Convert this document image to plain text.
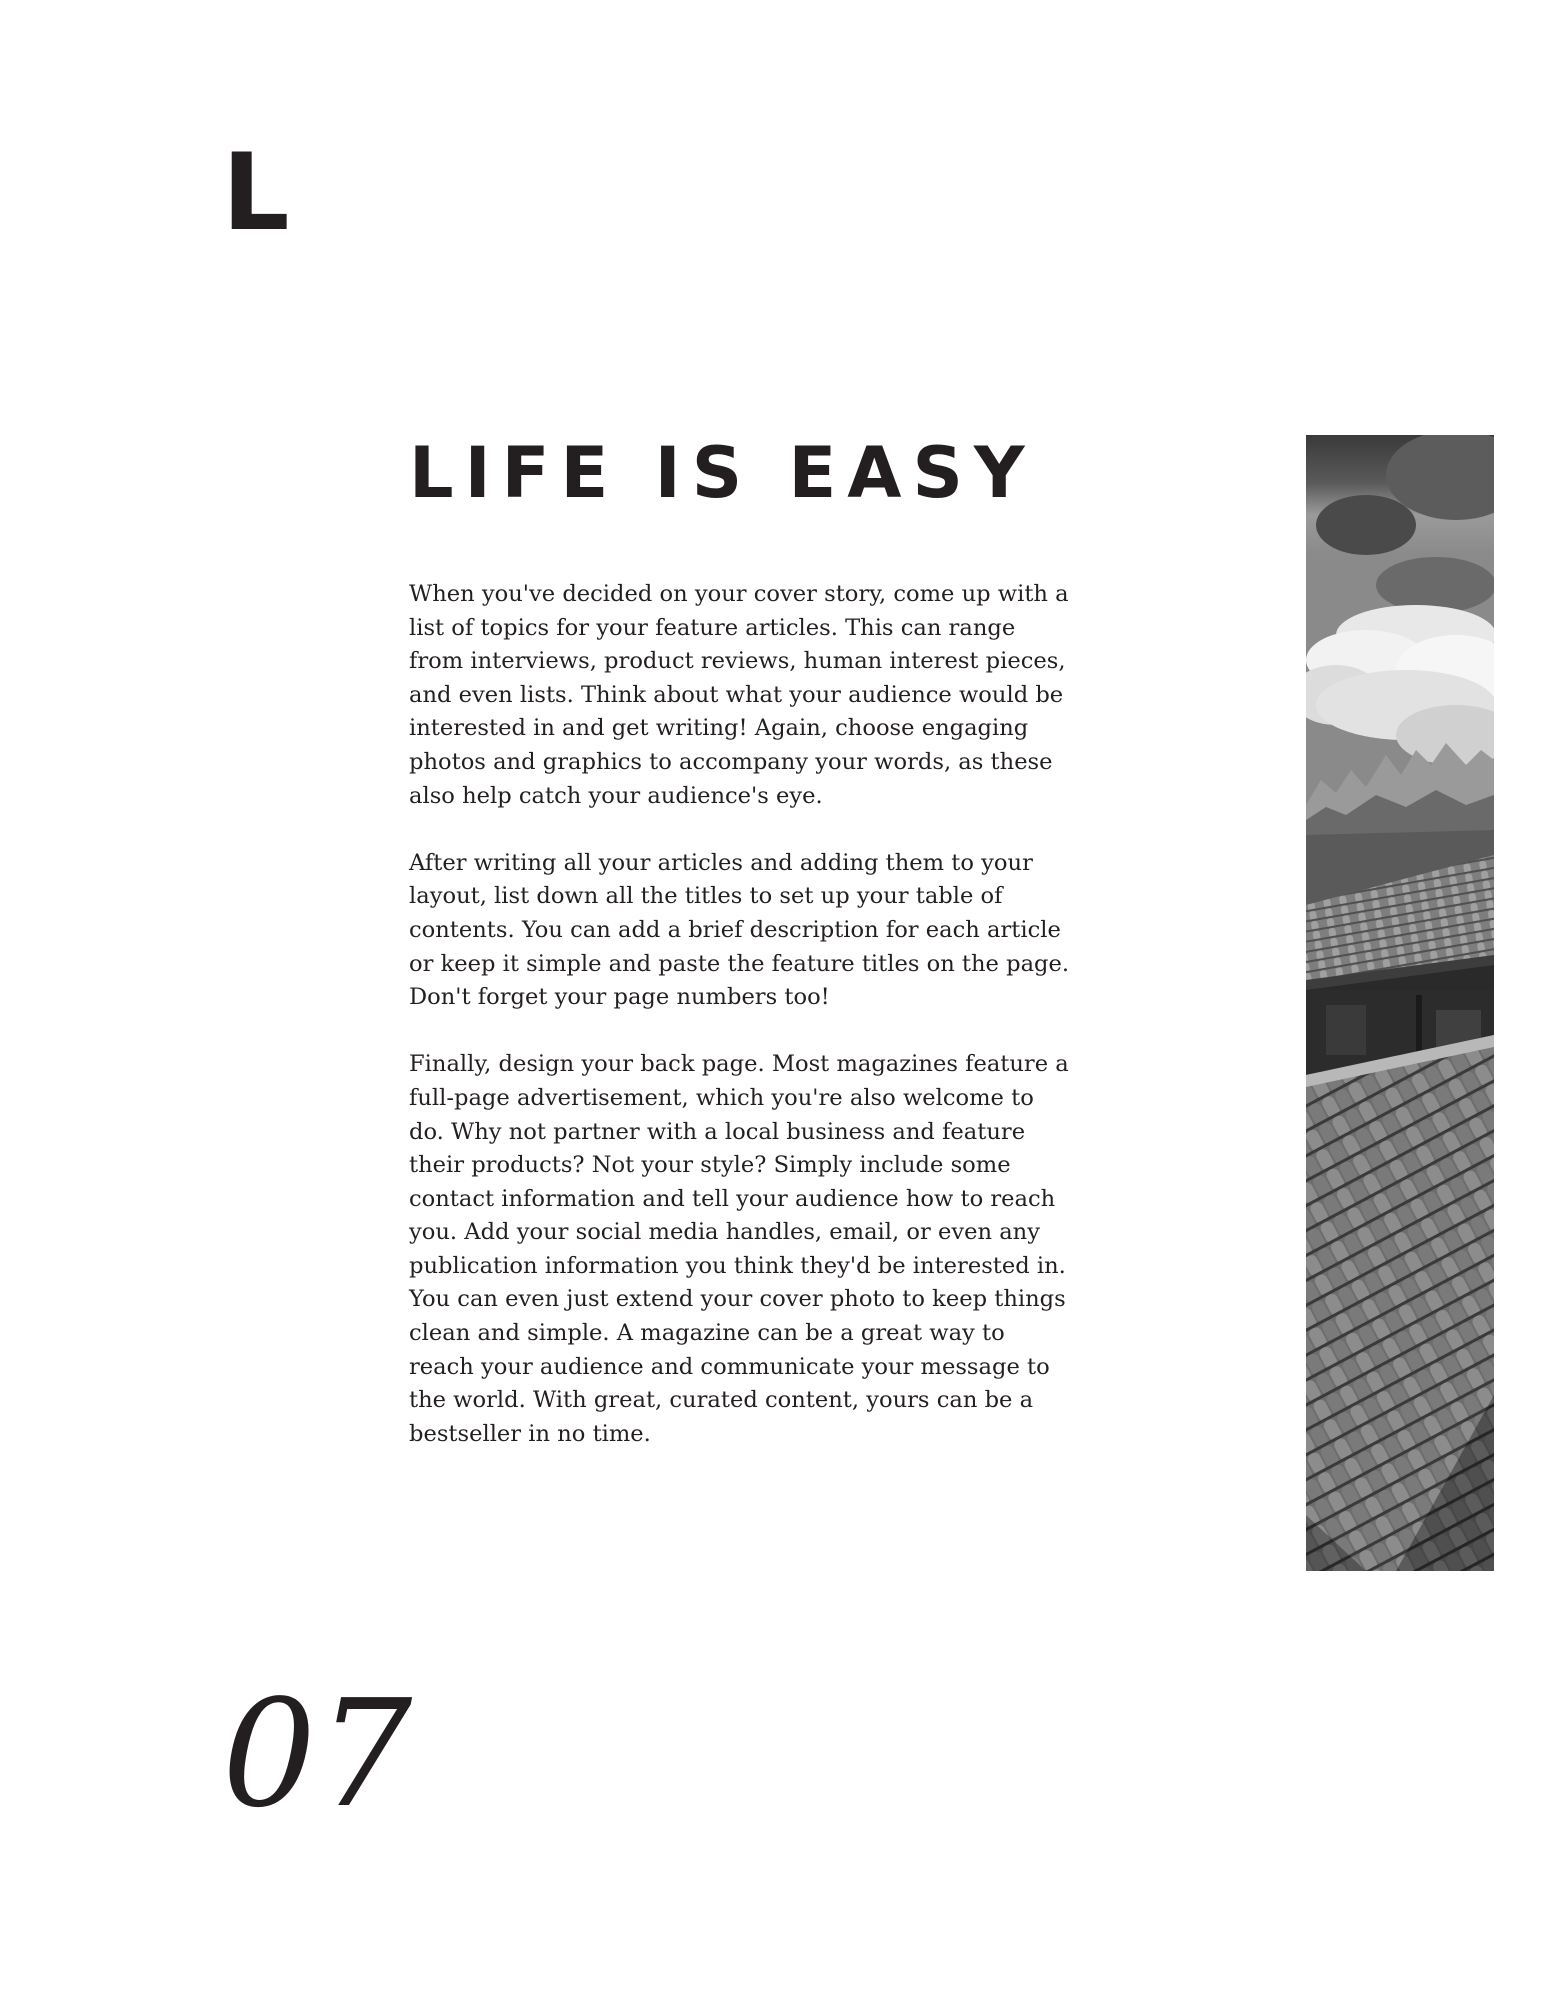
L
LIFE IS EASY

When you've decided on your cover story, come up with a list of topics for your feature articles. This can range from interviews, product reviews, human interest pieces, and even lists. Think about what your audience would be interested in and get writing! Again, choose engaging photos and graphics to accompany your words, as these also help catch your audience's eye.

After writing all your articles and adding them to your layout, list down all the titles to set up your table of contents. You can add a brief description for each article or keep it simple and paste the feature titles on the page. Don't forget your page numbers too!

Finally, design your back page. Most magazines feature a full-page advertisement, which you're also welcome to do. Why not partner with a local business and feature their products? Not your style? Simply include some contact information and tell your audience how to reach you. Add your social media handles, email, or even any publication information you think they'd be interested in. You can even just extend your cover photo to keep things clean and simple. A magazine can be a great way to reach your audience and communicate your message to the world. With great, curated content, yours can be a bestseller in no time.

07
